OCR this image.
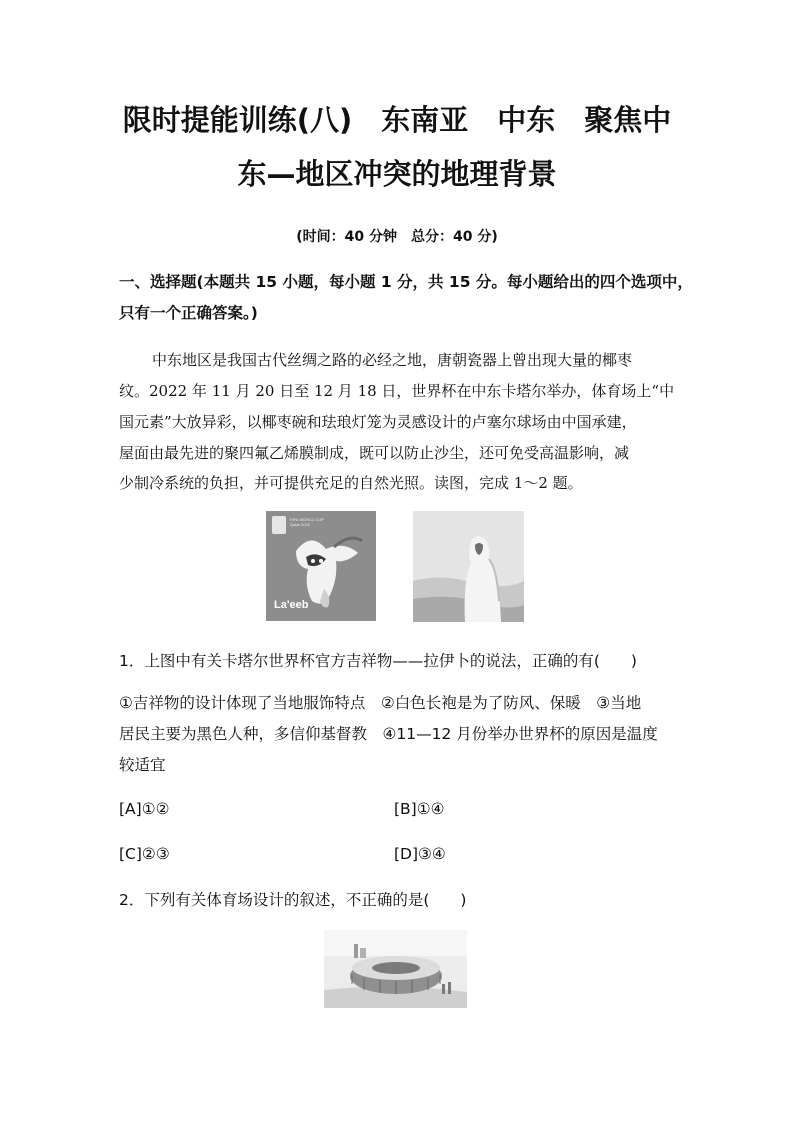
限时提能训练(八)　东南亚　中东　聚焦中
东—地区冲突的地理背景
(时间：40 分钟　总分：40 分)
一、选择题(本题共 15 小题，每小题 1 分，共 15 分。每小题给出的四个选项中，
只有一个正确答案。)
中东地区是我国古代丝绸之路的必经之地，唐朝瓷器上曾出现大量的椰枣
纹。2022 年 11 月 20 日至 12 月 18 日，世界杯在中东卡塔尔举办，体育场上“中
国元素”大放异彩，以椰枣碗和珐琅灯笼为灵感设计的卢塞尔球场由中国承建，
屋面由最先进的聚四氟乙烯膜制成，既可以防止沙尘，还可免受高温影响，减
少制冷系统的负担，并可提供充足的自然光照。读图，完成 1～2 题。
FIFA WORLD CUP Qatar 2022
La'eeb
1．上图中有关卡塔尔世界杯官方吉祥物——拉伊卜的说法，正确的有(　　)
①吉祥物的设计体现了当地服饰特点　②白色长袍是为了防风、保暖　③当地
居民主要为黑色人种，多信仰基督教　④11—12 月份举办世界杯的原因是温度
较适宜
[A]①②	[B]①④
[C]②③	[D]③④
2．下列有关体育场设计的叙述，不正确的是(　　)
